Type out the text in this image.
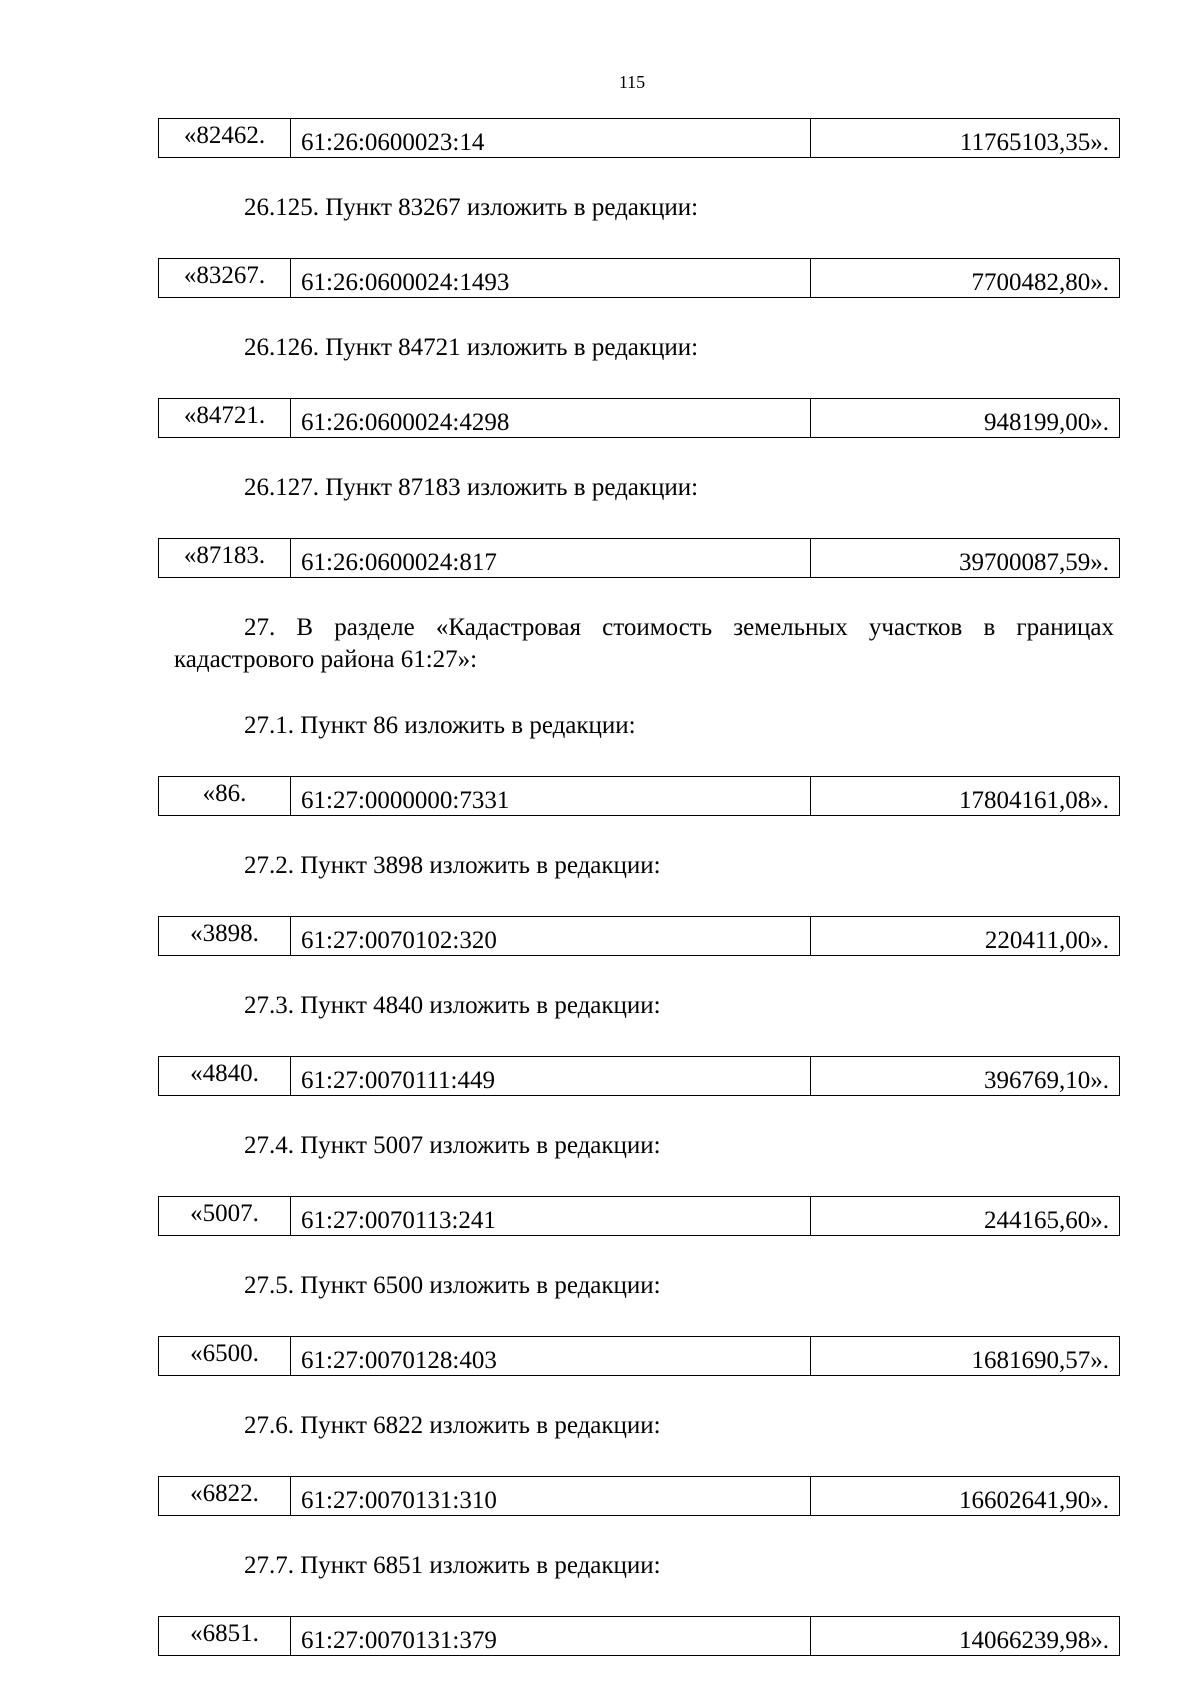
115
«82462.	61:26:0600023:14	11765103,35».
26.125. Пункт 83267 изложить в редакции:
«83267.	61:26:0600024:1493	7700482,80».
26.126. Пункт 84721 изложить в редакции:
«84721.	61:26:0600024:4298	948199,00».
26.127. Пункт 87183 изложить в редакции:
«87183.	61:26:0600024:817	39700087,59».
27. В разделе «Кадастровая стоимость земельных участков в границах кадастрового района 61:27»:
27.1. Пункт 86 изложить в редакции:
«86.	61:27:0000000:7331	17804161,08».
27.2. Пункт 3898 изложить в редакции:
«3898.	61:27:0070102:320	220411,00».
27.3. Пункт 4840 изложить в редакции:
«4840.	61:27:0070111:449	396769,10».
27.4. Пункт 5007 изложить в редакции:
«5007.	61:27:0070113:241	244165,60».
27.5. Пункт 6500 изложить в редакции:
«6500.	61:27:0070128:403	1681690,57».
27.6. Пункт 6822 изложить в редакции:
«6822.	61:27:0070131:310	16602641,90».
27.7. Пункт 6851 изложить в редакции:
«6851.	61:27:0070131:379	14066239,98».
